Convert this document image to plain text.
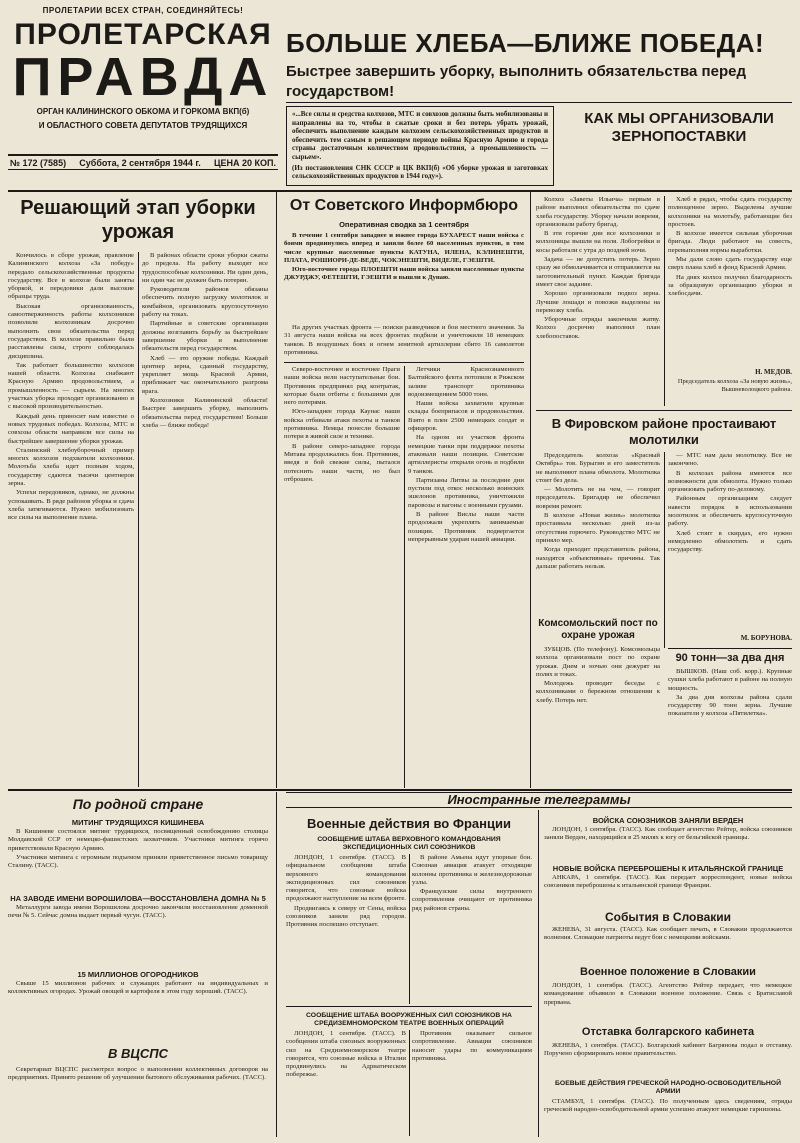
ПРОЛЕТАРИИ ВСЕХ СТРАН, СОЕДИНЯЙТЕСЬ!
ПРОЛЕТАРСКАЯ
ПРАВДА
ОРГАН КАЛИНИНСКОГО ОБКОМА И ГОРКОМА ВКП(б)
И ОБЛАСТНОГО СОВЕТА ДЕПУТАТОВ ТРУДЯЩИХСЯ
№ 172 (7585) Суббота, 2 сентября 1944 г. ЦЕНА 20 КОП.
БОЛЬШЕ ХЛЕБА—БЛИЖЕ ПОБЕДА!
Быстрее завершить уборку, выполнить обязательства перед государством!
«...Все силы и средства колхозов, МТС и совхозов должны быть мобилизованы и направлены на то, чтобы в сжатые сроки и без потерь убрать урожай, обеспечить выполнение каждым колхозом сельскохозяйственных продуктов и обеспечить тем самым в решающем периоде войны Красную Армию и города страны достаточным количеством продовольствия, а промышленность — сырьем».
(Из постановления СНК СССР и ЦК ВКП(б) «Об уборке урожая и заготовках сельскохозяйственных продуктов в 1944 году»).
КАК МЫ ОРГАНИЗОВАЛИ ЗЕРНОПОСТАВКИ
Решающий этап уборки урожая

Кончилось в сборе урожая, правление Калининского колхоза «За победу» передало сельскохозяйственные продукты государству. Все в колхозе были заняты уборкой, и передовики дали высокие образцы труда.

Высокая организованность, самоотверженность работы колхозников позволили колхозникам досрочно выполнить свои обязательства перед государством. В колхозе правильно были расставлены силы, строго соблюдалась дисциплина.

Так работает большинство колхозов нашей области. Колхозы снабжают Красную Армию продовольствием, а промышленность — сырьем. На многих участках уборка проходит организованно и с высокой производительностью.

Каждый день приносит нам известие о новых трудовых победах. Колхозы, МТС и совхозы области направили все силы на быстрейшее завершение уборки урожая.

Сталинский хлебоуборочный пример многих колхозов подхватили колхозники. Молотьба хлеба идет полным ходом, государству сдаются тысячи центнеров зерна.

Успехи передовиков, однако, не должны успокаивать. В ряде районов уборка и сдача хлеба затягиваются. Нужно мобилизовать все силы на выполнение плана.

В районах области сроки уборки сжаты до предела. На работу выходят все трудоспособные колхозники. Ни один день, ни один час не должен быть потерян.

Руководители районов обязаны обеспечить полную загрузку молотилок и комбайнов, организовать круглосуточную работу на токах.

Партийные и советские организации должны возглавить борьбу за быстрейшее завершение уборки и выполнение обязательств перед государством.

Хлеб — это оружие победы. Каждый центнер зерна, сданный государству, укрепляет мощь Красной Армии, приближает час окончательного разгрома врага.

Колхозники Калининской области! Быстрее завершить уборку, выполнить обязательства перед государством! Больше хлеба — ближе победа!

От Советского Информбюро
Оперативная сводка за 1 сентября

В течение 1 сентября западнее и южнее города БУХАРЕСТ наши войска с боями продвинулись вперед и заняли более 60 населенных пунктов, в том числе крупные населенные пункты КАТУНА, ИЛЕНА, КЭЛИНЕШТИ, ПЛАТА, РОШИОРИ-ДЕ-ВЕДЕ, ЧОКЭНЕШТИ, ВИДЕЛЕ, ГЭЕШТИ.

Юго-восточнее города ПЛОЕШТИ наши войска заняли населенные пункты ДЖУРДЖУ, ФЕТЕШТИ, ГЭЕШТИ и вышли к Дунаю.

На других участках фронта — поиски разведчиков и бои местного значения. За 31 августа наши войска на всех фронтах подбили и уничтожили 18 немецких танков. В воздушных боях и огнем зенитной артиллерии сбито 16 самолетов противника.

Северо-восточнее и восточнее Праги наши войска вели наступательные бои. Противник предпринял ряд контратак, которые были отбиты с большими для него потерями.

Юго-западнее города Каунас наши войска отбивали атаки пехоты и танков противника. Немцы понесли большие потери в живой силе и технике.

В районе северо-западнее города Митава продолжались бои. Противник, введя в бой свежие силы, пытался потеснить наши части, но был отброшен.

Летчики Краснознаменного Балтийского флота потопили в Рижском заливе транспорт противника водоизмещением 5000 тонн.

Наши войска захватили крупные склады боеприпасов и продовольствия. Взято в плен 2500 немецких солдат и офицеров.

На одном из участков фронта немецкие танки при поддержке пехоты атаковали наши позиции. Советские артиллеристы открыли огонь и подбили 9 танков.

Партизаны Литвы за последние дни пустили под откос несколько воинских эшелонов противника, уничтожили паровозы и вагоны с военными грузами.

В районе Вислы наши части продолжали укреплять занимаемые позиции. Противник подвергается непрерывным ударам нашей авиации.

Колхоз «Заветы Ильича» первым в районе выполнил обязательства по сдаче хлеба государству. Уборку начали вовремя, организовали работу бригад.

В эти горячие дни все колхозники и колхозницы вышли на поля. Лобогрейки и косы работали с утра до поздней ночи.

Задача — не допустить потерь. Зерно сразу же обмолачивается и отправляется на заготовительный пункт. Каждая бригада имеет свое задание.

Хорошо организовали подвоз зерна. Лучшие лошади и повозки выделены на перевозку хлеба.

Уборочные отряды закончили жатву. Колхоз досрочно выполнил план хлебопоставок.

Хлеб в рядах, чтобы сдать государству полноценное зерно. Выделены лучшие колхозники на молотьбу, работающие без простоев.

В колхозе имеется сильная уборочная бригада. Люди работают на совесть, перевыполняя нормы выработки.

Мы дали слово сдать государству еще сверх плана хлеб в фонд Красной Армии.

На днях колхоз получил благодарность за образцовую организацию уборки и хлебосдачи.

Н. МЕДОВ.
Председатель колхоза «За новую жизнь», Вышневолоцкого района.
В Фировском районе простаивают молотилки

Председатель колхоза «Красный Октябрь» тов. Бурыгин и его заместитель не выполняют плана обмолота. Молотилка стоит без дела.

— Молотить не на чем, — говорит председатель. Бригадир не обеспечил вовремя ремонт.

В колхозе «Новая жизнь» молотилка простаивала несколько дней из-за отсутствия горючего. Руководство МТС не приняло мер.

Когда приходит представитель района, находятся «объективные» причины. Так дальше работать нельзя.

— МТС нам дала молотилку. Все не закончено.

В колхозах района имеются все возможности для обмолота. Нужно только организовать работу по-деловому.

Районным организациям следует навести порядок в использовании молотилок и обеспечить круглосуточную работу.

Хлеб стоит в скирдах, его нужно немедленно обмолотить и сдать государству.

М. БОРУНОВА.
Комсомольский пост по охране урожая

ЗУБЦОВ. (По телефону). Комсомольцы колхоза организовали пост по охране урожая. Днем и ночью они дежурят на полях и токах.

Молодежь проводит беседы с колхозниками о бережном отношении к хлебу. Потерь нет.

90 тонн—за два дня

ВЫШКОВ. (Наш соб. корр.). Крупные сушки хлеба работают в районе на полную мощность.

За два дня колхозы района сдали государству 90 тонн зерна. Лучшие показатели у колхоза «Пятилетка».

По родной стране
МИТИНГ ТРУДЯЩИХСЯ КИШИНЕВА

В Кишиневе состоялся митинг трудящихся, посвященный освобождению столицы Молдавской ССР от немецко-фашистских захватчиков. Участники митинга горячо приветствовали Красную Армию.

Участники митинга с огромным подъемом приняли приветственное письмо товарищу Сталину. (ТАСС).

НА ЗАВОДЕ ИМЕНИ ВОРОШИЛОВА—ВОССТАНОВЛЕНА ДОМНА № 5

Металлурги завода имени Ворошилова досрочно закончили восстановление доменной печи № 5. Сейчас домна выдает первый чугун. (ТАСС).

15 МИЛЛИОНОВ ОГОРОДНИКОВ

Свыше 15 миллионов рабочих и служащих работают на индивидуальных и коллективных огородах. Урожай овощей и картофеля в этом году хороший. (ТАСС).

В ВЦСПС

Секретариат ВЦСПС рассмотрел вопрос о выполнении коллективных договоров на предприятиях. Принято решение об улучшении бытового обслуживания рабочих. (ТАСС).

Иностранные телеграммы
Военные действия во Франции
СООБЩЕНИЕ ШТАБА ВЕРХОВНОГО КОМАНДОВАНИЯ ЭКСПЕДИЦИОННЫХ СИЛ СОЮЗНИКОВ

ЛОНДОН, 1 сентября. (ТАСС). В официальном сообщении штаба верховного командования экспедиционных сил союзников говорится, что союзные войска продолжают наступление на всем фронте.

Продвигаясь к северу от Сены, войска союзников заняли ряд городов. Противник поспешно отступает.

В районе Амьена идут упорные бои. Союзная авиация атакует отходящие колонны противника и железнодорожные узлы.

Французские силы внутреннего сопротивления очищают от противника ряд районов страны.

СООБЩЕНИЕ ШТАБА ВООРУЖЕННЫХ СИЛ СОЮЗНИКОВ НА СРЕДИЗЕМНОМОРСКОМ ТЕАТРЕ ВОЕННЫХ ОПЕРАЦИЙ

ЛОНДОН, 1 сентября. (ТАСС). В сообщении штаба союзных вооруженных сил на Средиземноморском театре говорится, что союзные войска в Италии продвинулись на Адриатическом побережье.

Противник оказывает сильное сопротивление. Авиация союзников наносит удары по коммуникациям противника.

ВОЙСКА СОЮЗНИКОВ ЗАНЯЛИ ВЕРДЕН

ЛОНДОН, 1 сентября. (ТАСС). Как сообщает агентство Рейтер, войска союзников заняли Верден, находящийся в 25 милях к югу от бельгийской границы.

НОВЫЕ ВОЙСКА ПЕРЕБРОШЕНЫ К ИТАЛЬЯНСКОЙ ГРАНИЦЕ

АНКАРА, 1 сентября. (ТАСС). Как передает корреспондент, новые войска союзников переброшены к итальянской границе Франции.

События в Словакии

ЖЕНЕВА, 31 августа. (ТАСС). Как сообщает печать, в Словакии продолжаются волнения. Словацкие патриоты ведут бои с немецкими войсками.

Военное положение в Словакии

ЛОНДОН, 1 сентября. (ТАСС). Агентство Рейтер передает, что немецкое командование объявило в Словакии военное положение. Связь с Братиславой прервана.

Отставка болгарского кабинета

ЖЕНЕВА, 1 сентября. (ТАСС). Болгарский кабинет Багрянова подал в отставку. Поручено сформировать новое правительство.

БОЕВЫЕ ДЕЙСТВИЯ ГРЕЧЕСКОЙ НАРОДНО-ОСВОБОДИТЕЛЬНОЙ АРМИИ

СТАМБУЛ, 1 сентября. (ТАСС). По полученным здесь сведениям, отряды греческой народно-освободительной армии успешно атакуют немецкие гарнизоны.
